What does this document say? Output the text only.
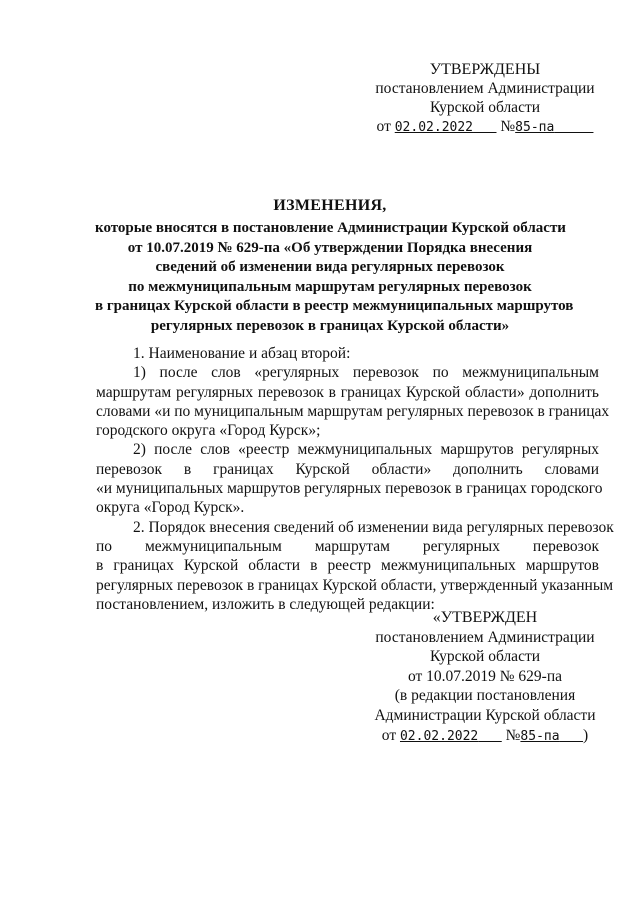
УТВЕРЖДЕНЫ
постановлением Администрации
Курской области
от 02.02.2022 №85-па
ИЗМЕНЕНИЯ,
которые вносятся в постановление Администрации Курской области
от 10.07.2019 № 629-па «Об утверждении Порядка внесения
сведений об изменении вида регулярных перевозок
по межмуниципальным маршрутам регулярных перевозок
в границах Курской области в реестр межмуниципальных маршрутов
регулярных перевозок в границах Курской области»
1. Наименование и абзац второй:
1) после слов «регулярных перевозок по межмуниципальным
маршрутам регулярных перевозок в границах Курской области» дополнить
словами «и по муниципальным маршрутам регулярных перевозок в границах
городского округа «Город Курск»;
2) после слов «реестр межмуниципальных маршрутов регулярных
перевозок в границах Курской области» дополнить словами
«и муниципальных маршрутов регулярных перевозок в границах городского
округа «Город Курск».
2. Порядок внесения сведений об изменении вида регулярных перевозок
по межмуниципальным маршрутам регулярных перевозок
в границах Курской области в реестр межмуниципальных маршрутов
регулярных перевозок в границах Курской области, утвержденный указанным
постановлением, изложить в следующей редакции:
«УТВЕРЖДЕН
постановлением Администрации
Курской области
от 10.07.2019 № 629-па
(в редакции постановления
Администрации Курской области
от 02.02.2022 №85-па )
